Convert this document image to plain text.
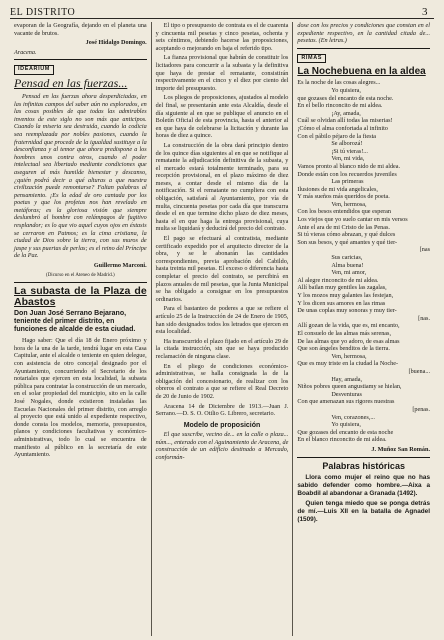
EL DISTRITO	3

evaporan de la Geografía, dejando en el planeta una vacante de brutos.

José Hidalgo Domingo.

Aracena.

IDEARIUM
Pensad en las fuerzas...

Pensad en las fuerzas ahora desperdiciadas, en las infinitas campos del saber aún no explorados, en las cosas posibles de que todas las admirables inventos de este siglo no son más que anticipos. Cuando la miseria sea destruida, cuando la codicia sea reemplazada por nobles pasiones, cuando la fraternidad que procede de la igualdad sustituye a la desconfianza y al temor que ahora predispone a los hombres unos contra otros, cuando el poder intelectual sea libertado mediante condiciones que aseguren al más humilde bienestar y descanso, ¿quién podrá decir a qué alturas a que nuestra civilización puede remontarse? Faltan palabras al pensamiento. ¡Es la edad de oro cantada por los poetas y que los profetas nos han revelado en metáforas; es la gloriosa visión que siempre deslumbró al hombre con relámpagos de fugitivo resplandor; es lo que vio aquel cuyos ojos en éxtasis se cerraron en Patmos; es la cima cristiana, la ciudad de Dios sobre la tierra, con sus muros de jaspe y sus puertas de perlas; es el reino del Príncipe de la Paz.

Guillermo Marconi.

(Dicurso en el Ateneo de Madrid.)

La subasta de la Plaza de Abastos
Don Juan José Serrano Bejarano, teniente del primer distrito, en funciones de alcalde de esta ciudad.

Hago saber: Que el día 18 de Enero próximo y hora de la una de la tarde, tendrá lugar en esta Casa Capitular, ante el alcalde o teniente en quien delegue, con asistencia de otro concejal designado por el Ayuntamiento, concurriendo el Secretario de los notariales que ejercen en esta localidad, la subasta pública para contratar la construcción de un mercado, en el solar propiedad del municipio, sito en la calle José Nogales, donde existieron instaladas las Escuelas Nacionales del primer distrito, con arreglo al proyecto que está unido al expediente respectivo, donde consta los modelos, memoria, presupuestos, planos y condiciones facultativas y económico-administrativas, todo lo cual se encuentra de manifiesto al público en la secretaría de este Ayuntamiento.

El tipo o presupuesto de contrata es el de cuarenta y cincuenta mil pesetas y cinco pesetas, ochenta y seis céntimos, debiendo hacerse las proposiciones, aceptando o mejorando en baja el referido tipo.

La fianza provisional que habrán de constituir los licitadores para concurrir a la subasta y la definitiva que haya de prestar el rematante, consistirán respectivamente en el cinco y el diez por ciento del importe del presupuesto.

Los pliegos de proposiciones, ajustados al modelo del final, se presentarán ante esta Alcaldía, desde el día siguiente al en que se publique el anuncio en el Boletín Oficial de esta provincia, hasta el anterior al en que haya de celebrarse la licitación y durante las horas de diez a quince.

La construcción de la obra dará principio dentro de los quince días siguientes al en que se notifique al rematante la adjudicación definitiva de la subasta, y el mercado estará totalmente terminado, para su recepción provisional, en el plazo máximo de diez meses, a contar desde el mismo día de la notificación. Si el rematante no cumpliera con esta obligación, satisfará al Ayuntamiento, por vía de multa, cincuenta pesetas por cada día que transcurra desde el en que termine dicho plazo de diez meses, hasta el en que haga la entrega provisional, cuya multa se liquidará y deducirá del precio del contrato.

El pago se efectuará al contratista, mediante certificado expedido por el arquitecto director de la obra, y se le abonarán las cantidades correspondientes, previa aprobación del Cabildo, hasta treinta mil pesetas. El exceso o diferencia hasta completar el precio del contrato, se percibirá en plazos anuales de mil pesetas, que la Junta Municipal se ha obligado a consignar en los presupuestos ordinarios.

Para el bastanteo de poderes a que se refiere el artículo 25 de la Instrucción de 24 de Enero de 1905, han sido designados todos los letrados que ejercen en esta localidad.

Ha transcurrido el plazo fijado en el artículo 29 de la citada instrucción, sin que se haya producido reclamación de ninguna clase.

En el pliego de condiciones económico-administrativas, se halla consignada la de la obligación del concesionario, de realizar con los obreros el contrato a que se refiere el Real Decreto de 20 de Junio de 1902.

Aracena 14 de Diciembre de 1913.—Juan J. Serrano.—D. S. O. Otilio G. Librero, secretario.

Modelo de proposición

El que suscribe, vecino de... en la calle o plaza... núm..., enterado con el Aguinamiento de Aracena, de construcción de un edificio destinado a Mercado, conformán-

dose con los precios y condiciones que constan en el expediente respectivo, en la cantidad citada de... pesetas. (En letras.)

RIMAS
La Nochebuena en la aldea

Es la noche de las cosas alegres...

Yo quisiera,

que gozases del encanto de esta noche.

En el bello rinconcito de mi aldea.

¡Ay, amada,

Cuál se olvidan allí todas las miserias!

¡Cómo el alma confortada al infinito

Con el pábilo péjaro de la fiesta

Se alborozá!

¡Si tú vieras!...

Ven, mi vida,

Vamos pronto al blanco nido de mi aldea.

Donde están con los recuerdos juveniles

Las primeras

Ilusiones de mi vida angelicales,

Y más sueños más queridos de poeta.

Ven, hermosa,

Con los besos entendidos que esperan

Los viejos que yo suelo cantar en mis versos

Ante el ara de mi Cristo de las Penas.

Si tú vieras cómo abrazan, y qué dulces

Son sus besos, y qué amantes y qué tier-

[nas

Sus caricias,

Alma buena!

Ven, mi amor,

Al alegre rinconcito de mi aldea.

Allí bailan muy gentiles las zagalas,

Y los mozos muy galantes las festejan,

Y los dicen sus amores en las rimas

De unas coplas muy sonoras y muy tier-

[nas.

Allí gozan de la vida, que es, mi encanto,

El consuelo de las almas más serenas,

De las almas que yo adoro, de esas almas

Que son ángeles benditos de la tierra.

Ven, hermosa,

Que es muy triste en la ciudad la Noche-

[buena...

Hay, amada,

Niños pobres queen angustiamy se hielan,

Desventuras

Con que amenazan sus rigores nuestras

[penas.

Ven, corazones,...

Yo quisiera,

Que gozases del encanto de esta noche

En el blanco rinconcito de mi aldea.

J. Muñoz San Román.

Palabras históricas

Llora como mujer el reino que no has sabido defender como hombre.—Aixa a Boabdil al abandonar a Granada (1492).

Quien tenga miedo que se ponga detrás de mí.—Luis XII en la batalla de Agnadel (1509).
